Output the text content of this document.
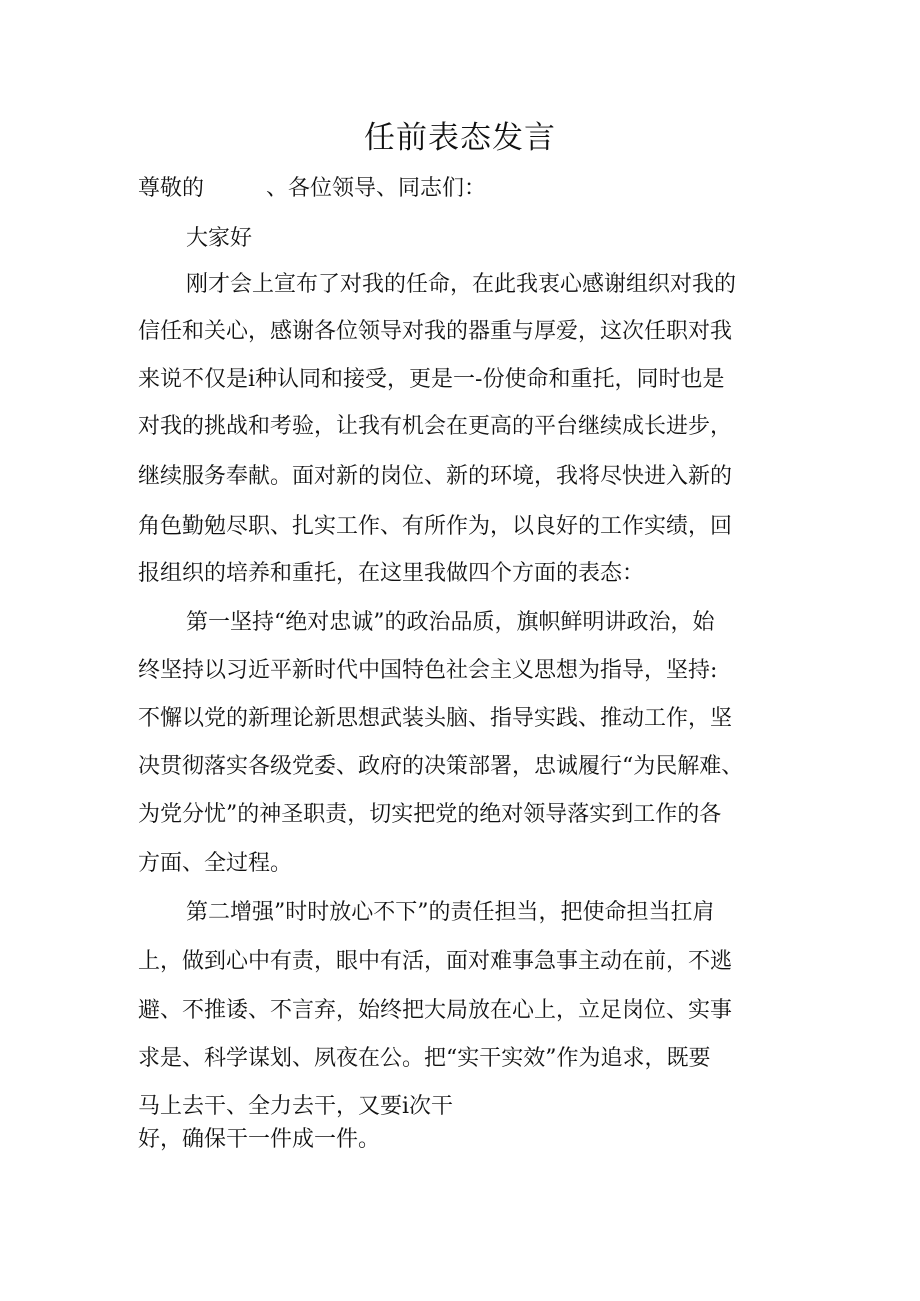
任前表态发言

尊敬的	、各位领导、同志们：

大家好

刚才会上宣布了对我的任命，在此我衷心感谢组织对我的

信任和关心，感谢各位领导对我的器重与厚爱，这次任职对我

来说不仅是i种认同和接受，更是一-份使命和重托，同时也是

对我的挑战和考验，让我有机会在更高的平台继续成长进步，

继续服务奉献。面对新的岗位、新的环境，我将尽快进入新的

角色勤勉尽职、扎实工作、有所作为，以良好的工作实绩，回

报组织的培养和重托，在这里我做四个方面的表态：

第一坚持“绝对忠诚”的政治品质，旗帜鲜明讲政治，始

终坚持以习近平新时代中国特色社会主义思想为指导，坚持:

不懈以党的新理论新思想武装头脑、指导实践、推动工作，坚

决贯彻落实各级党委、政府的决策部署，忠诚履行“为民解难、

为党分忧”的神圣职责，切实把党的绝对领导落实到工作的各

方面、全过程。

第二增强”时时放心不下”的责任担当，把使命担当扛肩

上，做到心中有责，眼中有活，面对难事急事主动在前，不逃

避、不推诿、不言弃，始终把大局放在心上，立足岗位、实事

求是、科学谋划、夙夜在公。把“实干实效”作为追求，既要

马上去干、全力去干，又要i次干

好，确保干一件成一件。
